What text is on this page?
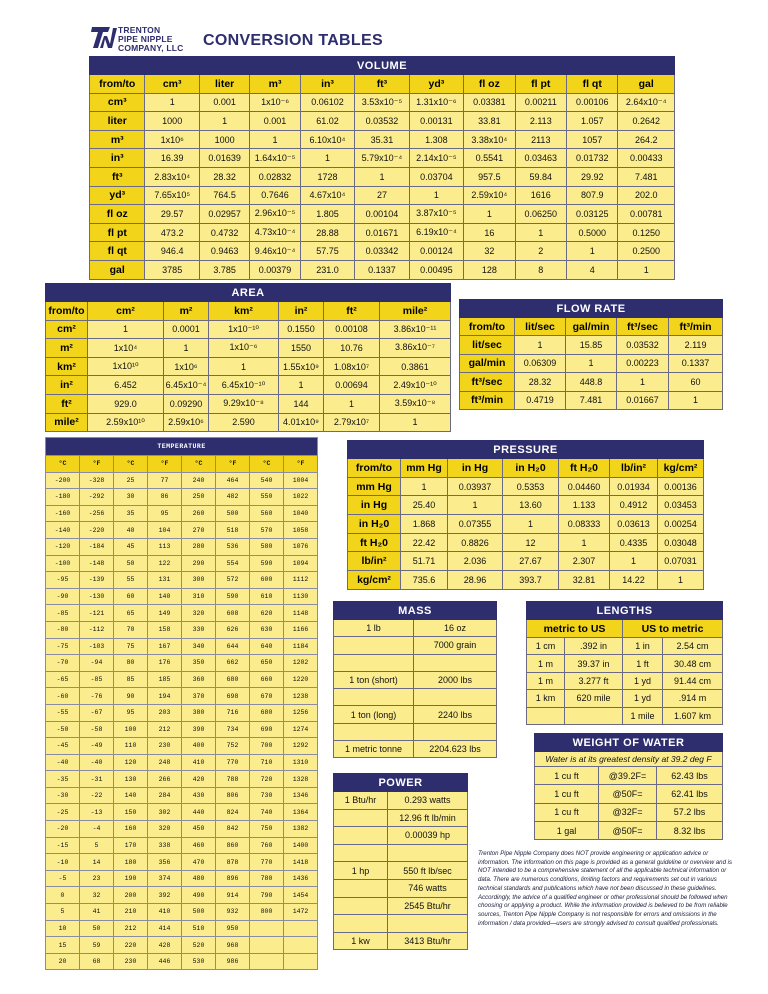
TRENTON
PIPE NIPPLE
COMPANY, LLC CONVERSION TABLES
VOLUME										
from/to	cm³	liter	m³	in³	ft³	yd³	fl oz	fl pt	fl qt	gal
cm³	1	0.001	1x10⁻⁶	0.06102	3.53x10⁻⁵	1.31x10⁻⁶	0.03381	0.00211	0.00106	2.64x10⁻⁴
liter	1000	1	0.001	61.02	0.03532	0.00131	33.81	2.113	1.057	0.2642
m³	1x10⁶	1000	1	6.10x10⁴	35.31	1.308	3.38x10⁴	2113	1057	264.2
in³	16.39	0.01639	1.64x10⁻⁵	1	5.79x10⁻⁴	2.14x10⁻⁵	0.5541	0.03463	0.01732	0.00433
ft³	2.83x10⁴	28.32	0.02832	1728	1	0.03704	957.5	59.84	29.92	7.481
yd³	7.65x10⁵	764.5	0.7646	4.67x10⁴	27	1	2.59x10⁴	1616	807.9	202.0
fl oz	29.57	0.02957	2.96x10⁻⁵	1.805	0.00104	3.87x10⁻⁵	1	0.06250	0.03125	0.00781
fl pt	473.2	0.4732	4.73x10⁻⁴	28.88	0.01671	6.19x10⁻⁴	16	1	0.5000	0.1250
fl qt	946.4	0.9463	9.46x10⁻⁴	57.75	0.03342	0.00124	32	2	1	0.2500
gal	3785	3.785	0.00379	231.0	0.1337	0.00495	128	8	4	1
AREA						
from/to	cm²	m²	km²	in²	ft²	mile²
cm²	1	0.0001	1x10⁻¹⁰	0.1550	0.00108	3.86x10⁻¹¹
m²	1x10⁴	1	1x10⁻⁶	1550	10.76	3.86x10⁻⁷
km²	1x10¹⁰	1x10⁶	1	1.55x10⁹	1.08x10⁷	0.3861
in²	6.452	6.45x10⁻⁴	6.45x10⁻¹⁰	1	0.00694	2.49x10⁻¹⁰
ft²	929.0	0.09290	9.29x10⁻⁸	144	1	3.59x10⁻⁸
mile²	2.59x10¹⁰	2.59x10⁶	2.590	4.01x10⁹	2.79x10⁷	1
FLOW RATE				
from/to	lit/sec	gal/min	ft³/sec	ft³/min
lit/sec	1	15.85	0.03532	2.119
gal/min	0.06309	1	0.00223	0.1337
ft³/sec	28.32	448.8	1	60
ft³/min	0.4719	7.481	0.01667	1
TEMPERATURE							
°C	°F	°C	°F	°C	°F	°C	°F
-200	-328	25	77	240	464	540	1004
-180	-292	30	86	250	482	550	1022
-160	-256	35	95	260	500	560	1040
-140	-220	40	104	270	518	570	1058
-120	-184	45	113	280	536	580	1076
-100	-148	50	122	290	554	590	1094
-95	-139	55	131	300	572	600	1112
-90	-130	60	140	310	590	610	1130
-85	-121	65	149	320	608	620	1148
-80	-112	70	158	330	626	630	1166
-75	-103	75	167	340	644	640	1184
-70	-94	80	176	350	662	650	1202
-65	-85	85	185	360	680	660	1220
-60	-76	90	194	370	698	670	1238
-55	-67	95	203	380	716	680	1256
-50	-58	100	212	390	734	690	1274
-45	-49	110	230	400	752	700	1292
-40	-40	120	248	410	770	710	1310
-35	-31	130	266	420	788	720	1328
-30	-22	140	284	430	806	730	1346
-25	-13	150	302	440	824	740	1364
-20	-4	160	320	450	842	750	1382
-15	5	170	338	460	860	760	1400
-10	14	180	356	470	878	770	1418
-5	23	190	374	480	896	780	1436
0	32	200	392	490	914	790	1454
5	41	210	410	500	932	800	1472
10	50	212	414	510	950		
15	59	220	428	520	968		
20	68	230	446	530	986		
PRESSURE						
from/to	mm Hg	in Hg	in H₂0	ft H₂0	lb/in²	kg/cm²
mm Hg	1	0.03937	0.5353	0.04460	0.01934	0.00136
in Hg	25.40	1	13.60	1.133	0.4912	0.03453
in H₂0	1.868	0.07355	1	0.08333	0.03613	0.00254
ft H₂0	22.42	0.8826	12	1	0.4335	0.03048
lb/in²	51.71	2.036	27.67	2.307	1	0.07031
kg/cm²	735.6	28.96	393.7	32.81	14.22	1
MASS	
1 lb	16 oz
	7000 grain

1 ton (short)	2000 lbs

1 ton (long)	2240 lbs

1 metric tonne	2204.623 lbs
LENGTHS			
metric to US		US to metric	
1 cm	.392 in	1 in	2.54 cm
1 m	39.37 in	1 ft	30.48 cm
1 m	3.277 ft	1 yd	91.44 cm
1 km	620 mile	1 yd	.914 m
		1 mile	1.607 km
WEIGHT OF WATER		
Water is at its greatest density at 39.2 deg F		
1 cu ft	@39.2F=	62.43 lbs
1 cu ft	@50F=	62.41 lbs
1 cu ft	@32F=	57.2 lbs
1 gal	@50F=	8.32 lbs
POWER	
1 Btu/hr	0.293 watts
	12.96 ft lb/min
	0.00039 hp

1 hp	550 ft lb/sec
	746 watts
	2545 Btu/hr

1 kw	3413 Btu/hr
Trenton Pipe Nipple Company does NOT provide engineering or application advice or information. The information on this page is provided as a general guideline or overview and is NOT intended to be a comprehensive statement of all the applicable technical information or data. There are numerous conditions, limiting factors and requirements set out in various technical standards and publications which have not been discussed in these guidelines. Accordingly, the advice of a qualified engineer or other professional should be followed when choosing or applying a product. While the information provided is believed to be from reliable sources, Trenton Pipe Nipple Company is not responsible for errors and omissions in the information / data provided—users are strongly advised to consult qualified professionals.
